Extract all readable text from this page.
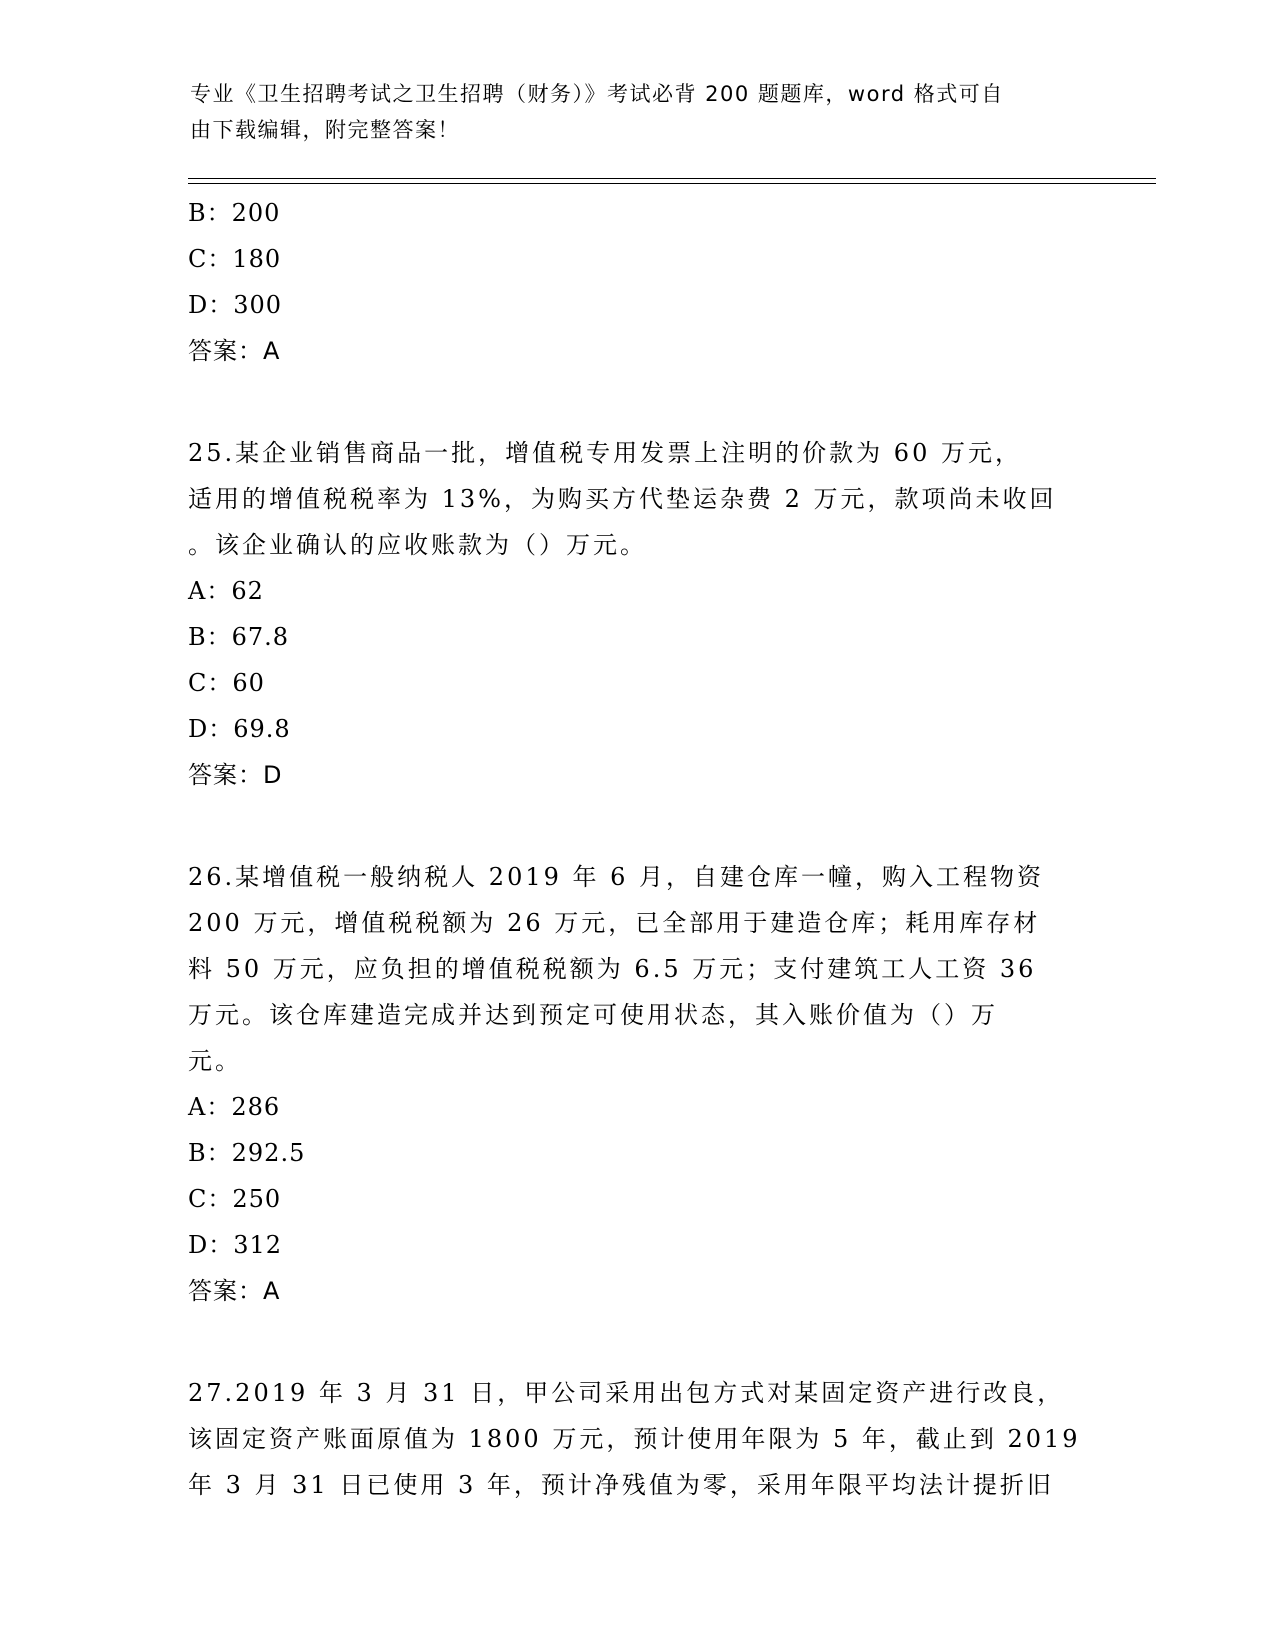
专业《卫生招聘考试之卫生招聘（财务）》考试必背 200 题题库，word 格式可自
由下载编辑，附完整答案！
B：200
C：180
D：300
答案：A
25.某企业销售商品一批，增值税专用发票上注明的价款为 60 万元，
适用的增值税税率为 13%，为购买方代垫运杂费 2 万元，款项尚未收回
。该企业确认的应收账款为（）万元。
A：62
B：67.8
C：60
D：69.8
答案：D
26.某增值税一般纳税人 2019 年 6 月，自建仓库一幢，购入工程物资
200 万元，增值税税额为 26 万元，已全部用于建造仓库；耗用库存材
料 50 万元，应负担的增值税税额为 6.5 万元；支付建筑工人工资 36
万元。该仓库建造完成并达到预定可使用状态，其入账价值为（）万
元。
A：286
B：292.5
C：250
D：312
答案：A
27.2019 年 3 月 31 日，甲公司采用出包方式对某固定资产进行改良，
该固定资产账面原值为 1800 万元，预计使用年限为 5 年，截止到 2019
年 3 月 31 日已使用 3 年，预计净残值为零，采用年限平均法计提折旧
